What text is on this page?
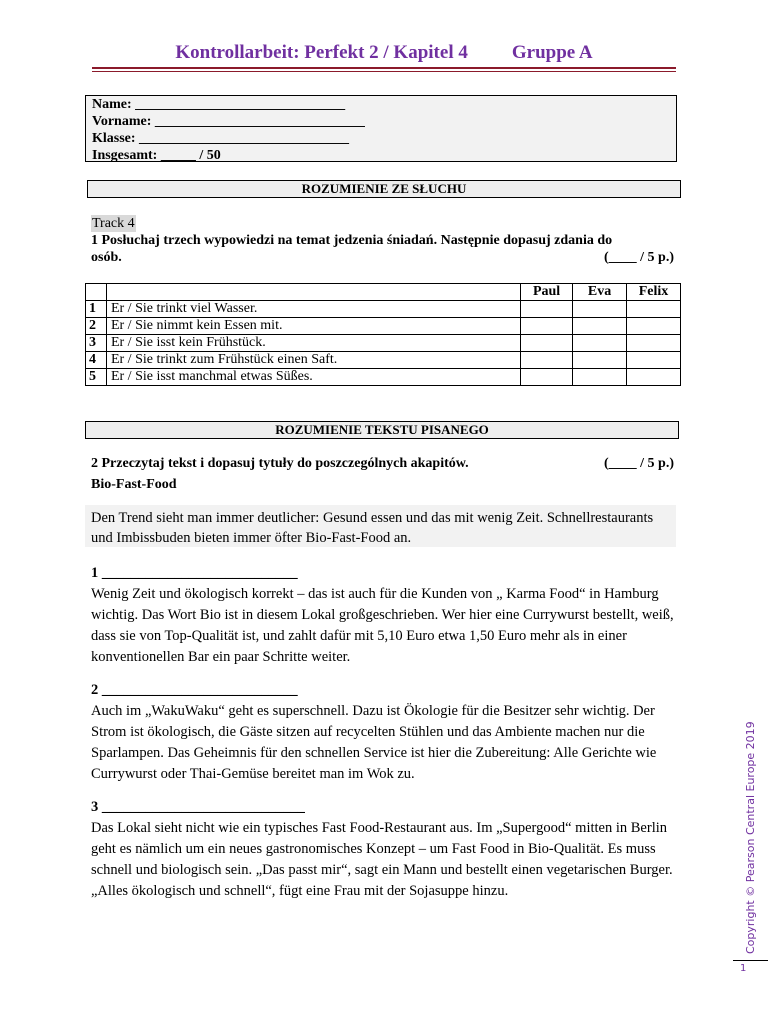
Kontrollarbeit: Perfekt 2 / Kapitel 4 Gruppe A
Name: ______________________________
Vorname: ______________________________
Klasse: ______________________________
Insgesamt: _____ / 50
ROZUMIENIE ZE SŁUCHU
Track 4
1 Posłuchaj trzech wypowiedzi na temat jedzenia śniadań. Następnie dopasuj zdania do
osób.	(____ / 5 p.)
		Paul	Eva	Felix
1	Er / Sie trinkt viel Wasser.			
2	Er / Sie nimmt kein Essen mit.			
3	Er / Sie isst kein Frühstück.			
4	Er / Sie trinkt zum Frühstück einen Saft.			
5	Er / Sie isst manchmal etwas Süßes.			
ROZUMIENIE TEKSTU PISANEGO
2 Przeczytaj tekst i dopasuj tytuły do poszczególnych akapitów.	(____ / 5 p.)
Bio-Fast-Food
Den Trend sieht man immer deutlicher: Gesund essen und das mit wenig Zeit. Schnellrestaurants und Imbissbuden bieten immer öfter Bio-Fast-Food an.
1 ___________________________
Wenig Zeit und ökologisch korrekt – das ist auch für die Kunden von „ Karma Food“ in Hamburg wichtig. Das Wort Bio ist in diesem Lokal großgeschrieben. Wer hier eine Currywurst bestellt, weiß, dass sie von Top-Qualität ist, und zahlt dafür mit 5,10 Euro etwa 1,50 Euro mehr als in einer konventionellen Bar ein paar Schritte weiter.
2 ___________________________
Auch im „WakuWaku“ geht es superschnell. Dazu ist Ökologie für die Besitzer sehr wichtig. Der Strom ist ökologisch, die Gäste sitzen auf recycelten Stühlen und das Ambiente machen nur die Sparlampen. Das Geheimnis für den schnellen Service ist hier die Zubereitung: Alle Gerichte wie Currywurst oder Thai-Gemüse bereitet man im Wok zu.
3 ____________________________
Das Lokal sieht nicht wie ein typisches Fast Food-Restaurant aus. Im „Supergood“ mitten in Berlin geht es nämlich um ein neues gastronomisches Konzept – um Fast Food in Bio-Qualität. Es muss schnell und biologisch sein. „Das passt mir“, sagt ein Mann und bestellt einen vegetarischen Burger. „Alles ökologisch und schnell“, fügt eine Frau mit der Sojasuppe hinzu.	Copyright © Pearson Central Europe 2019
1
